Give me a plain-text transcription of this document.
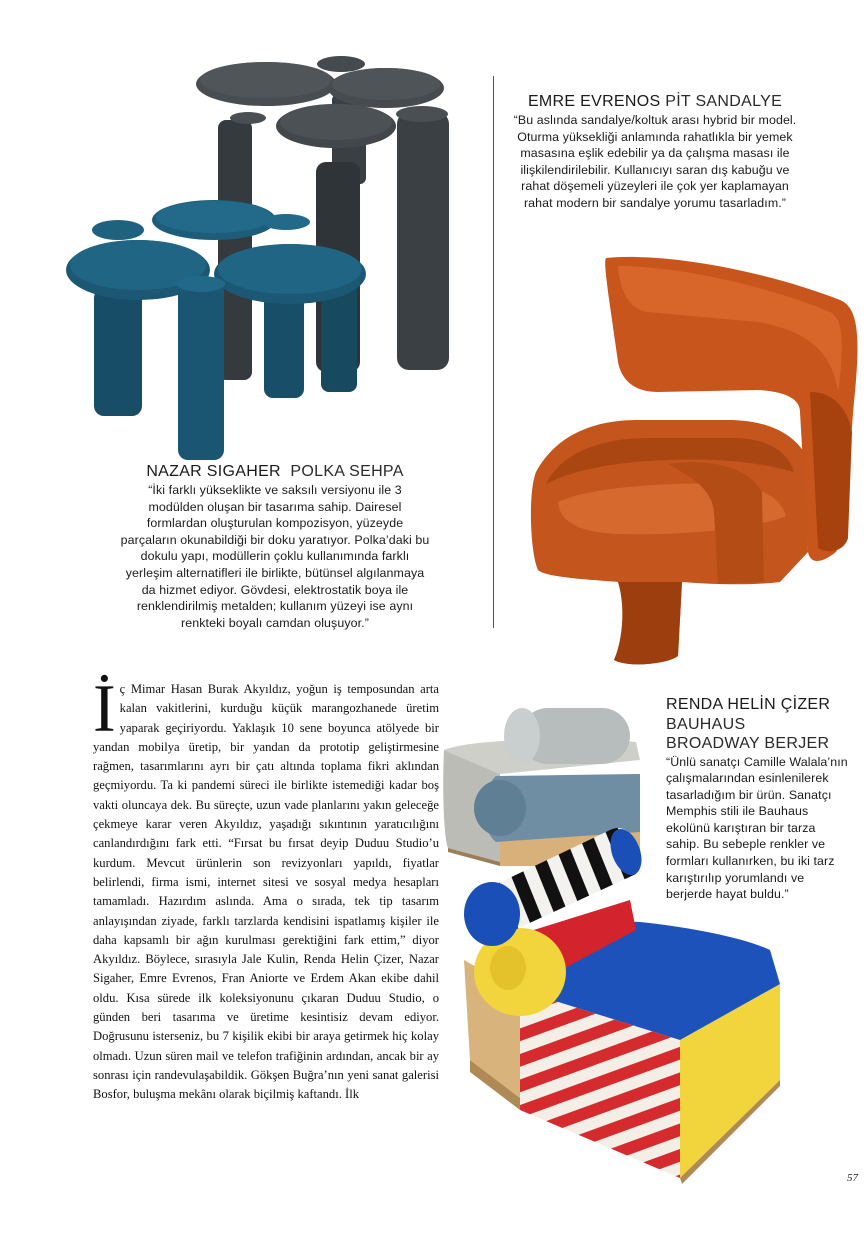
EMRE EVRENOS PİT SANDALYE

“Bu aslında sandalye/koltuk arası hybrid bir model. Oturma yüksekliği anlamında rahatlıkla bir yemek masasına eşlik edebilir ya da çalışma masası ile ilişkilendirilebilir. Kullanıcıyı saran dış kabuğu ve rahat döşemeli yüzeyleri ile çok yer kaplamayan rahat modern bir sandalye yorumu tasarladım.”

NAZAR SIGAHER POLKA SEHPA

“İki farklı yükseklikte ve saksılı versiyonu ile 3 modülden oluşan bir tasarıma sahip. Dairesel formlardan oluşturulan kompozisyon, yüzeyde parçaların okunabildiği bir doku yaratıyor. Polka’daki bu dokulu yapı, modüllerin çoklu kullanımında farklı yerleşim alternatifleri ile birlikte, bütünsel algılanmaya da hizmet ediyor. Gövdesi, elektrostatik boya ile renklendirilmiş metalden; kullanım yüzeyi ise aynı renkteki boyalı camdan oluşuyor.”

İ ç Mimar Hasan Burak Akyıldız, yoğun iş temposundan arta kalan vakitlerini, kurduğu küçük marangozhanede üretim yaparak geçiriyordu. Yaklaşık 10 sene boyunca atölyede bir yandan mobilya üretip, bir yandan da prototip geliştirmesine rağmen, tasarımlarını ayrı bir çatı altında toplama fikri aklından geçmiyordu. Ta ki pandemi süreci ile birlikte istemediği kadar boş vakti oluncaya dek. Bu süreçte, uzun vade planlarını yakın geleceğe çekmeye karar veren Akyıldız, yaşadığı sıkıntının yaratıcılığını canlandırdığını fark etti. “Fırsat bu fırsat deyip Duduu Studio’u kurdum. Mevcut ürünlerin son revizyonları yapıldı, fiyatlar belirlendi, firma ismi, internet sitesi ve sosyal medya hesapları tamamladı. Hazırdım aslında. Ama o sırada, tek tip tasarım anlayışından ziyade, farklı tarzlarda kendisini ispatlamış kişiler ile daha kapsamlı bir ağın kurulması gerektiğini fark ettim,” diyor Akyıldız. Böylece, sırasıyla Jale Kulin, Renda Helin Çizer, Nazar Sigaher, Emre Evrenos, Fran Aniorte ve Erdem Akan ekibe dahil oldu. Kısa sürede ilk koleksiyonunu çıkaran Duduu Studio, o günden beri tasarıma ve üretime kesintisiz devam ediyor. Doğrusunu isterseniz, bu 7 kişilik ekibi bir araya getirmek hiç kolay olmadı. Uzun süren mail ve telefon trafiğinin ardından, ancak bir ay sonrası için randevulaşabildik. Gökşen Buğra’nın yeni sanat galerisi Bosfor, buluşma mekânı olarak biçilmiş kaftandı. İlk
RENDA HELİN ÇİZER
BAUHAUS
BROADWAY BERJER

“Ünlü sanatçı Camille Walala’nın çalışmalarından esinlenilerek tasarladığım bir ürün. Sanatçı Memphis stili ile Bauhaus ekolünü karıştıran bir tarza sahip. Bu sebeple renkler ve formları kullanırken, bu iki tarz karıştırılıp yorumlandı ve berjerde hayat buldu.”

57
